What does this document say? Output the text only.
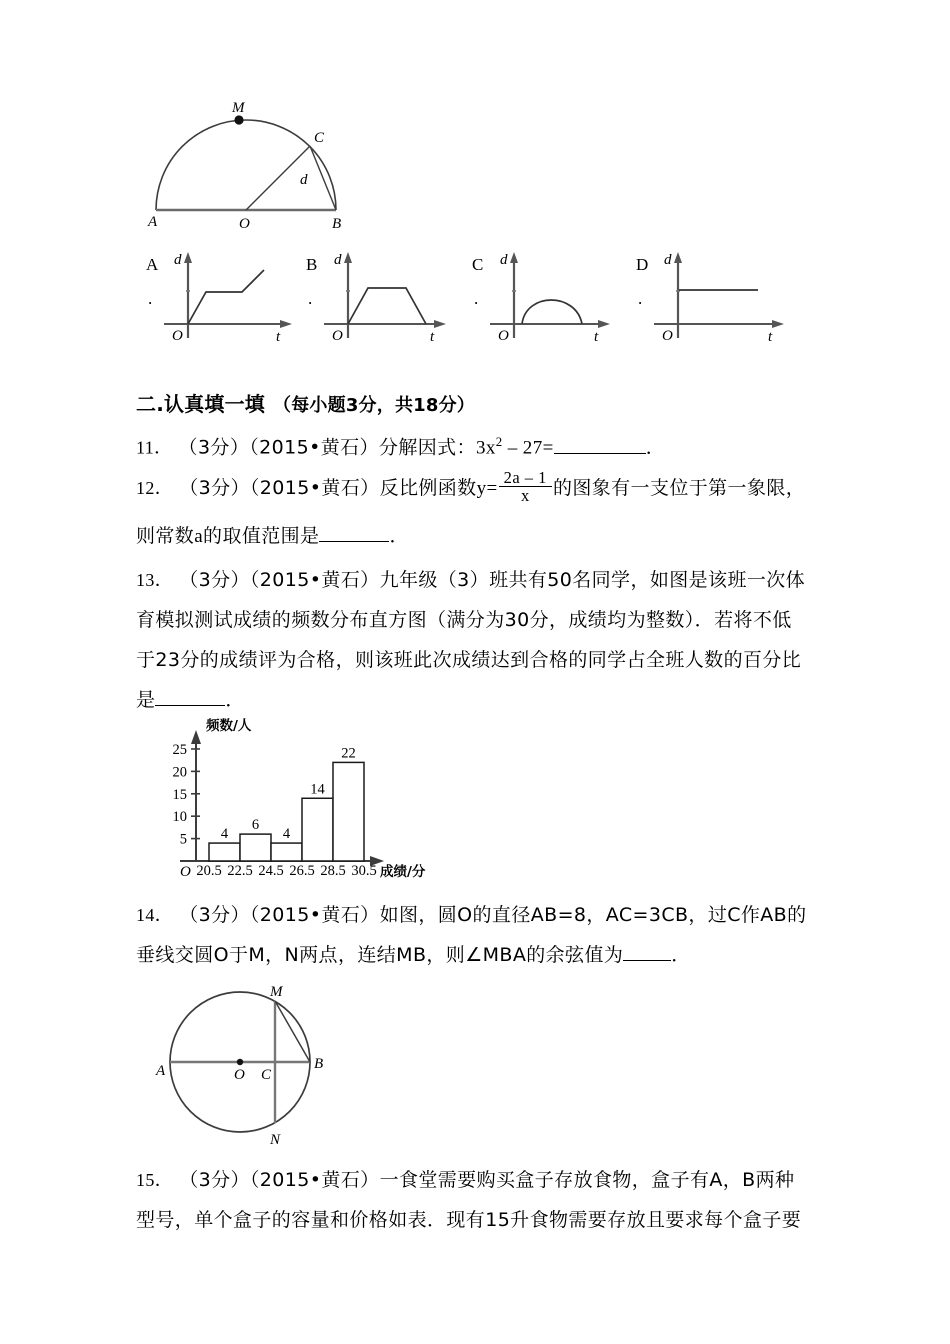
M
C
A	O	B
d
A
.
d
t
O
B
.
d
t
O
C
.
d
t
O
D
.
d
t
O
二.认真填一填 （每小题3分，共18分）
11． （3分）（2015•黄石）分解因式：$3x^2 - 27=$	．
12． （3分）（2015•黄石）反比例函数$y= \frac{2a - 1}{x}$ 的图象有一支位于第一象限，
则常数a的取值范围是	．
13． （3分）（2015•黄石）九年级（3）班共有50名同学，如图是该班一次体
育模拟测试成绩的频数分布直方图（满分为30分，成绩均为整数）．若将不低
于23分的成绩评为合格，则该班此次成绩达到合格的同学占全班人数的百分比
是	．
频数/人
成绩/分
O
5
10
15
20
25
4
6
4
14
22
20.5 22.5 24.5 26.5 28.5 30.5
14． （3分）（2015•黄石）如图，圆O的直径AB=8，AC=3CB，过C作AB的
垂线交圆O于M，N两点，连结MB，则∠MBA的余弦值为	．
M
A	O C
B
N
15． （3分）（2015•黄石）一食堂需要购买盒子存放食物，盒子有A，B两种
型号，单个盒子的容量和价格如表．现有15升食物需要存放且要求每个盒子要
